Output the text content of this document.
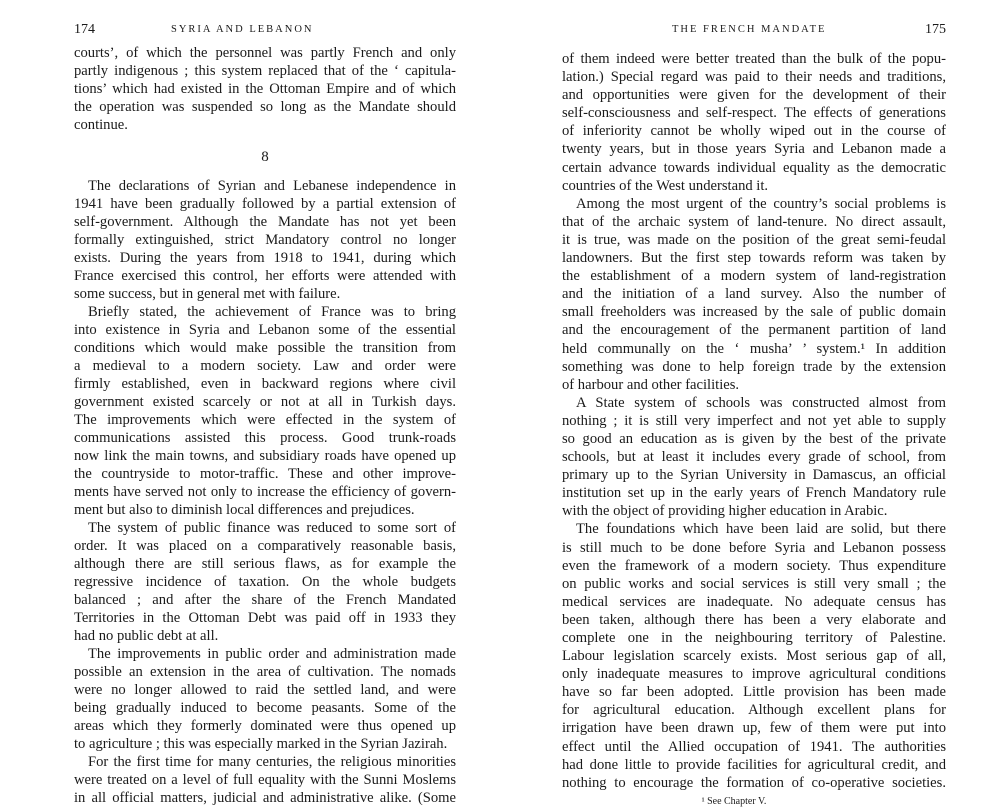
174	SYRIA AND LEBANON
courts’, of which the personnel was partly French and only
partly indigenous ; this system replaced that of the ‘ capitula-
tions’ which had existed in the Ottoman Empire and of which
the operation was suspended so long as the Mandate should
continue.
8
The declarations of Syrian and Lebanese independence in
1941 have been gradually followed by a partial extension of
self-government. Although the Mandate has not yet been
formally extinguished, strict Mandatory control no longer
exists. During the years from 1918 to 1941, during which
France exercised this control, her efforts were attended with
some success, but in general met with failure.
Briefly stated, the achievement of France was to bring
into existence in Syria and Lebanon some of the essential
conditions which would make possible the transition from
a medieval to a modern society. Law and order were
firmly established, even in backward regions where civil
government existed scarcely or not at all in Turkish days.
The improvements which were effected in the system of
communications assisted this process. Good trunk-roads
now link the main towns, and subsidiary roads have opened up
the countryside to motor-traffic. These and other improve-
ments have served not only to increase the efficiency of govern-
ment but also to diminish local differences and prejudices.
The system of public finance was reduced to some sort of
order. It was placed on a comparatively reasonable basis,
although there are still serious flaws, as for example the
regressive incidence of taxation. On the whole budgets
balanced ; and after the share of the French Mandated
Territories in the Ottoman Debt was paid off in 1933 they
had no public debt at all.
The improvements in public order and administration made
possible an extension in the area of cultivation. The nomads
were no longer allowed to raid the settled land, and were
being gradually induced to become peasants. Some of the
areas which they formerly dominated were thus opened up
to agriculture ; this was especially marked in the Syrian Jazirah.
For the first time for many centuries, the religious minorities
were treated on a level of full equality with the Sunni Moslems
in all official matters, judicial and administrative alike. (Some
THE FRENCH MANDATE	175
of them indeed were better treated than the bulk of the popu-
lation.) Special regard was paid to their needs and traditions,
and opportunities were given for the development of their
self-consciousness and self-respect. The effects of generations
of inferiority cannot be wholly wiped out in the course of
twenty years, but in those years Syria and Lebanon made a
certain advance towards individual equality as the democratic
countries of the West understand it.
Among the most urgent of the country’s social problems is
that of the archaic system of land-tenure. No direct assault,
it is true, was made on the position of the great semi-feudal
landowners. But the first step towards reform was taken by
the establishment of a modern system of land-registration
and the initiation of a land survey. Also the number of
small freeholders was increased by the sale of public domain
and the encouragement of the permanent partition of land
held communally on the ‘ musha’ ’ system.¹ In addition
something was done to help foreign trade by the extension
of harbour and other facilities.
A State system of schools was constructed almost from
nothing ; it is still very imperfect and not yet able to supply
so good an education as is given by the best of the private
schools, but at least it includes every grade of school, from
primary up to the Syrian University in Damascus, an official
institution set up in the early years of French Mandatory rule
with the object of providing higher education in Arabic.
The foundations which have been laid are solid, but there
is still much to be done before Syria and Lebanon possess
even the framework of a modern society. Thus expenditure
on public works and social services is still very small ; the
medical services are inadequate. No adequate census has
been taken, although there has been a very elaborate and
complete one in the neighbouring territory of Palestine.
Labour legislation scarcely exists. Most serious gap of all,
only inadequate measures to improve agricultural conditions
have so far been adopted. Little provision has been made
for agricultural education. Although excellent plans for
irrigation have been drawn up, few of them were put into
effect until the Allied occupation of 1941. The authorities
had done little to provide facilities for agricultural credit, and
nothing to encourage the formation of co-operative societies.
¹ See Chapter V.
